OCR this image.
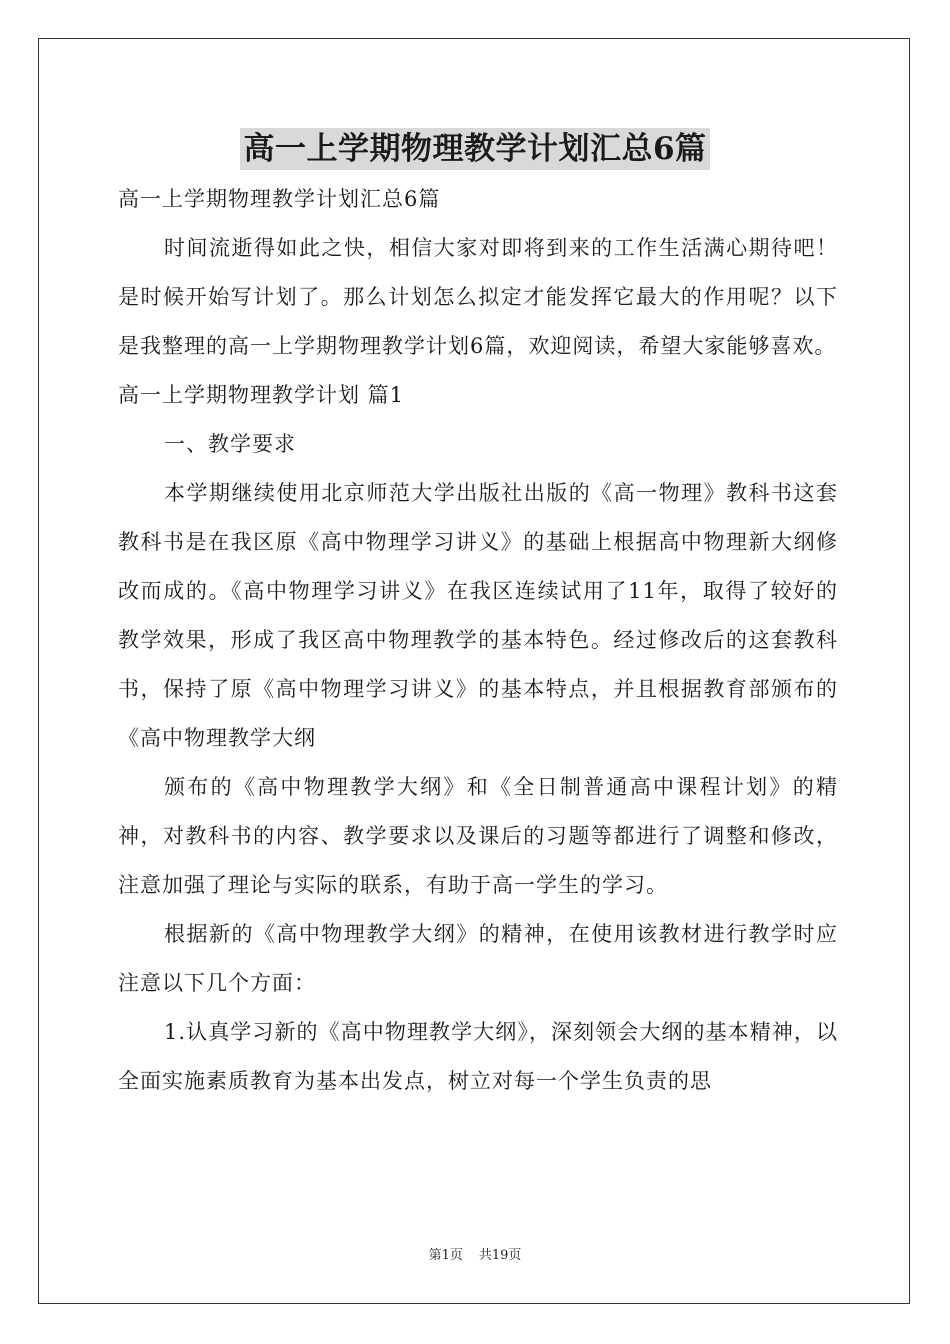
高一上学期物理教学计划汇总6篇

高一上学期物理教学计划汇总6篇

时间流逝得如此之快，相信大家对即将到来的工作生活满心期待吧！是时候开始写计划了。那么计划怎么拟定才能发挥它最大的作用呢？以下是我整理的高一上学期物理教学计划6篇，欢迎阅读，希望大家能够喜欢。

高一上学期物理教学计划 篇1

一、教学要求

本学期继续使用北京师范大学出版社出版的《高一物理》教科书这套教科书是在我区原《高中物理学习讲义》的基础上根据高中物理新大纲修改而成的。《高中物理学习讲义》在我区连续试用了11年，取得了较好的教学效果，形成了我区高中物理教学的基本特色。经过修改后的这套教科书，保持了原《高中物理学习讲义》的基本特点，并且根据教育部颁布的《高中物理教学大纲

颁布的《高中物理教学大纲》和《全日制普通高中课程计划》的精神，对教科书的内容、教学要求以及课后的习题等都进行了调整和修改，注意加强了理论与实际的联系，有助于高一学生的学习。

根据新的《高中物理教学大纲》的精神，在使用该教材进行教学时应注意以下几个方面：

1.认真学习新的《高中物理教学大纲》，深刻领会大纲的基本精神，以全面实施素质教育为基本出发点，树立对每一个学生负责的思

第1页 共19页
